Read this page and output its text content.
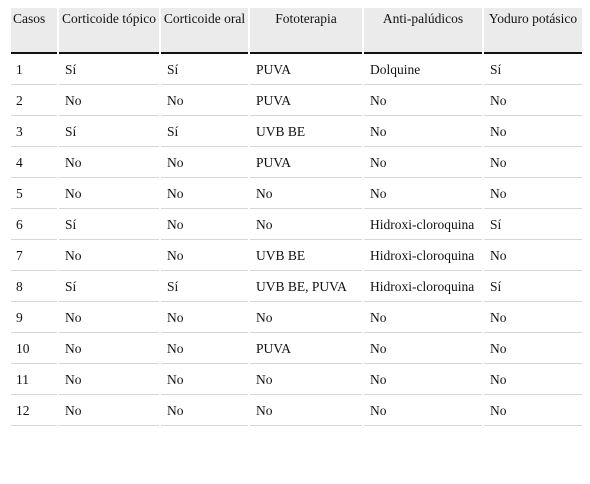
Casos	Corticoide tópico	Corticoide oral	Fototerapia	Anti-palúdicos	Yoduro potásico
1	Sí	Sí	PUVA	Dolquine	Sí
2	No	No	PUVA	No	No
3	Sí	Sí	UVB BE	No	No
4	No	No	PUVA	No	No
5	No	No	No	No	No
6	Sí	No	No	Hidroxi-cloroquina	Sí
7	No	No	UVB BE	Hidroxi-cloroquina	No
8	Sí	Sí	UVB BE, PUVA	Hidroxi-cloroquina	Sí
9	No	No	No	No	No
10	No	No	PUVA	No	No
11	No	No	No	No	No
12	No	No	No	No	No
